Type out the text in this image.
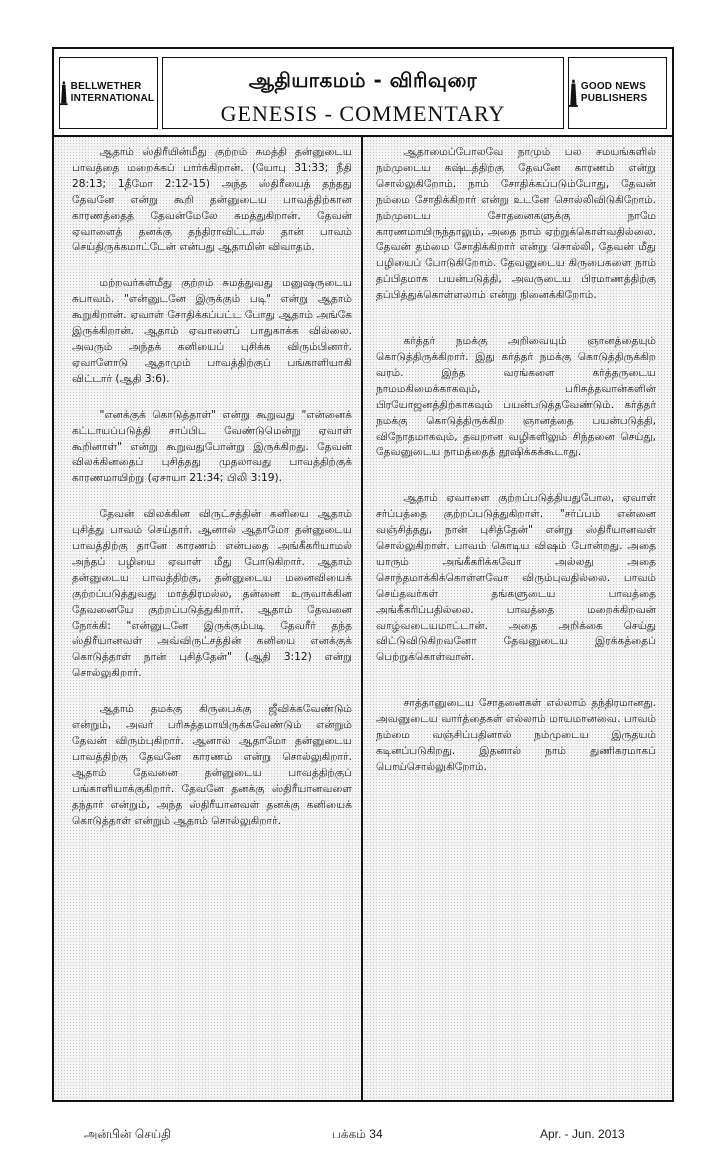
BELLWETHER INTERNATIONAL
ஆதியாகமம் - விரிவுரை
GENESIS - COMMENTARY
GOOD NEWS PUBLISHERS

ஆதாம் ஸ்திரீயின்மீது குற்றம் சுமத்தி தன்னுடைய பாவத்தை மறைக்கப் பார்க்கிறான். (யோபு 31:33; நீதி 28:13; 1தீமோ 2:12-15) அந்த ஸ்திரீயைத் தந்தது தேவனே என்று கூறி தன்னுடைய பாவத்திற்கான காரணத்தைத் தேவன்மேலே சுமத்துகிறான். தேவன் ஏவாளைத் தனக்கு தந்திராவிட்டால் தான் பாவம் செய்திருக்கமாட்டேன் என்பது ஆதாமின் விவாதம்.

மற்றவர்கள்மீது குற்றம் சுமத்துவது மனுஷருடைய சுபாவம். "என்னுடனே இருக்கும் படி" என்று ஆதாம் கூறுகிறான். ஏவாள் சோதிக்கப்பட்ட போது ஆதாம் அங்கே இருக்கிறான். ஆதாம் ஏவாளைப் பாதுகாக்க வில்லை. அவரும் அந்தக் கனியைப் புசிக்க விரும்பினார். ஏவாளோடு ஆதாமும் பாவத்திற்குப் பங்காளியாகி விட்டார் (ஆதி 3:6).

"எனக்குக் கொடுத்தாள்" என்று கூறுவது "என்னைக் கட்டாயப்படுத்தி சாப்பிட வேண்டுமென்று ஏவாள் கூறினாள்" என்று கூறுவதுபோன்று இருக்கிறது. தேவன் விலக்கினதைப் புசித்தது முதலாவது பாவத்திற்குக் காரணமாயிற்று (ஏசாயா 21:34; பிலி 3:19).

தேவன் விலக்கின விருட்சத்தின் கனியை ஆதாம் புசித்து பாவம் செய்தார். ஆனால் ஆதாமோ தன்னுடைய பாவத்திற்கு தானே காரணம் என்பதை அங்கீகரியாமல் அந்தப் பழியை ஏவாள் மீது போடுகிறார். ஆதாம் தன்னுடைய பாவத்திற்கு, தன்னுடைய மனைவியைக் குற்றப்படுத்துவது மாத்திரமல்ல, தன்னை உருவாக்கின தேவனையே குற்றப்படுத்துகிறார். ஆதாம் தேவனை நோக்கி: "என்னுடனே இருக்கும்படி தேவரீர் தந்த ஸ்திரீயானவள் அவ்விருட்சத்தின் கனியை எனக்குக் கொடுத்தாள் நான் புசித்தேன்" (ஆதி 3:12) என்று சொல்லுகிறார்.

ஆதாம் தமக்கு கிருபைக்கு ஜீவிக்கவேண்டும் என்றும், அவர் பரிசுத்தமாயிருக்கவேண்டும் என்றும் தேவன் விரும்புகிறார். ஆனால் ஆதாமோ தன்னுடைய பாவத்திற்கு தேவனே காரணம் என்று சொல்லுகிறார். ஆதாம் தேவனை தன்னுடைய பாவத்திற்குப் பங்காளியாக்குகிறார். தேவனே தனக்கு ஸ்திரீயானவளை தந்தார் என்றும், அந்த ஸ்திரீயானவள் தனக்கு கனியைக் கொடுத்தாள் என்றும் ஆதாம் சொல்லுகிறார்.

ஆதாமைப்போலவே நாமும் பல சமயங்களில் நம்முடைய கஷ்டத்திற்கு தேவனே காரணம் என்று சொல்லுகிறோம். நாம் சோதிக்கப்படும்போது, தேவன் நம்மை சோதிக்கிறார் என்று உடனே சொல்லிவிடுகிறோம். நம்முடைய சோதனைகளுக்கு நாமே காரணமாயிருந்தாலும், அதை நாம் ஏற்றுக்கொள்வதில்லை. தேவன் தம்மை சோதிக்கிறார் என்று சொல்லி, தேவன் மீது பழியைப் போடுகிறோம். தேவனுடைய கிருபைகளை நாம் தப்பிதமாக பயன்படுத்தி, அவருடைய பிரமாணத்திற்கு தப்பித்துக்கொள்ளலாம் என்று நினைக்கிறோம்.

கர்த்தர் நமக்கு அறிவையும் ஞானத்தையும் கொடுத்திருக்கிறார். இது கர்த்தர் நமக்கு கொடுத்திருக்கிற வரம். இந்த வரங்களை கர்த்தருடைய நாமமகிமைக்காகவும், பரிசுத்தவான்களின் பிரயோஜனத்திற்காகவும் பயன்படுத்தவேண்டும். கர்த்தர் நமக்கு கொடுத்திருக்கிற ஞானத்தை பயன்படுத்தி, விநோதமாகவும், தவறான வழிகளிலும் சிந்தனை செய்து, தேவனுடைய நாமத்தைத் தூஷிக்கக்கூடாது.

ஆதாம் ஏவாளை குற்றப்படுத்தியதுபோல, ஏவாள் சர்ப்பத்தை குற்றப்படுத்துகிறாள். "சர்ப்பம் என்னை வஞ்சித்தது, நான் புசித்தேன்" என்று ஸ்திரீயானவள் சொல்லுகிறாள். பாவம் கொடிய விஷம் போன்றது. அதை யாரும் அங்கீகரிக்கவோ அல்லது அதை சொந்தமாக்கிக்கொள்ளவோ விரும்புவதில்லை. பாவம் செய்தவர்கள் தங்களுடைய பாவத்தை அங்கீகரிப்பதில்லை. பாவத்தை மறைக்கிறவன் வாழ்வடையமாட்டான். அதை அறிக்கை செய்து விட்டுவிடுகிறவனோ தேவனுடைய இரக்கத்தைப் பெற்றுக்கொள்வான்.

சாத்தானுடைய சோதனைகள் எல்லாம் தந்திரமானது. அவனுடைய வார்த்தைகள் எல்லாம் மாயமானவை. பாவம் நம்மை வஞ்சிப்பதினால் நம்முடைய இருதயம் கடினப்படுகிறது. இதனால் நாம் துணிகரமாகப் பொய்சொல்லுகிறோம்.

அன்பின் செய்தி	பக்கம் 34	Apr. - Jun. 2013
